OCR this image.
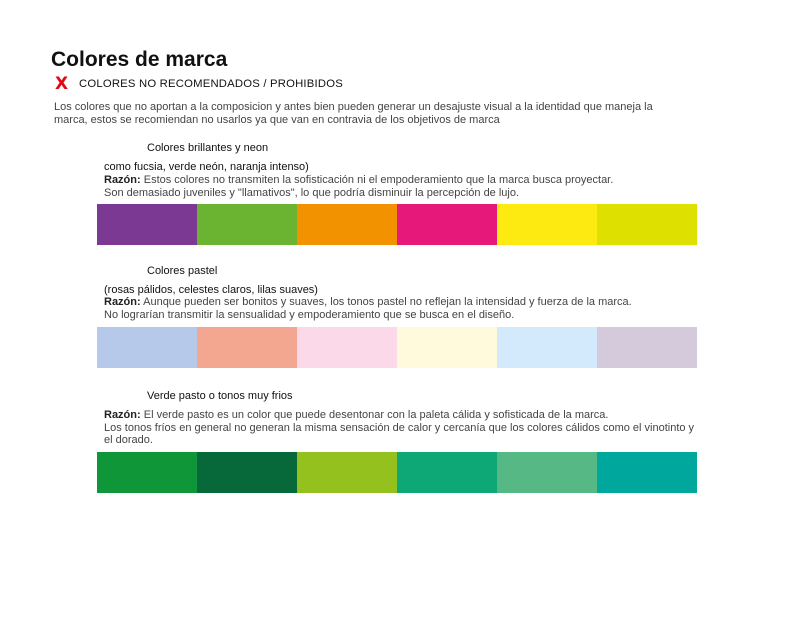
Colores de marca
X COLORES NO RECOMENDADOS / PROHIBIDOS

Los colores que no aportan a la composicion y antes bien pueden generar un desajuste visual a la identidad que maneja la marca, estos se recomiendan no usarlos ya que van en contravia de los objetivos de marca

Colores brillantes y neon
como fucsia, verde neón, naranja intenso)
Razón: Estos colores no transmiten la sofisticación ni el empoderamiento que la marca busca proyectar.
Son demasiado juveniles y "llamativos", lo que podría disminuir la percepción de lujo.
Colores pastel
(rosas pálidos, celestes claros, lilas suaves)
Razón: Aunque pueden ser bonitos y suaves, los tonos pastel no reflejan la intensidad y fuerza de la marca.
No lograrían transmitir la sensualidad y empoderamiento que se busca en el diseño.
Verde pasto o tonos muy frios
Razón: El verde pasto es un color que puede desentonar con la paleta cálida y sofisticada de la marca.
Los tonos fríos en general no generan la misma sensación de calor y cercanía que los colores cálidos como el vinotinto y el dorado.
